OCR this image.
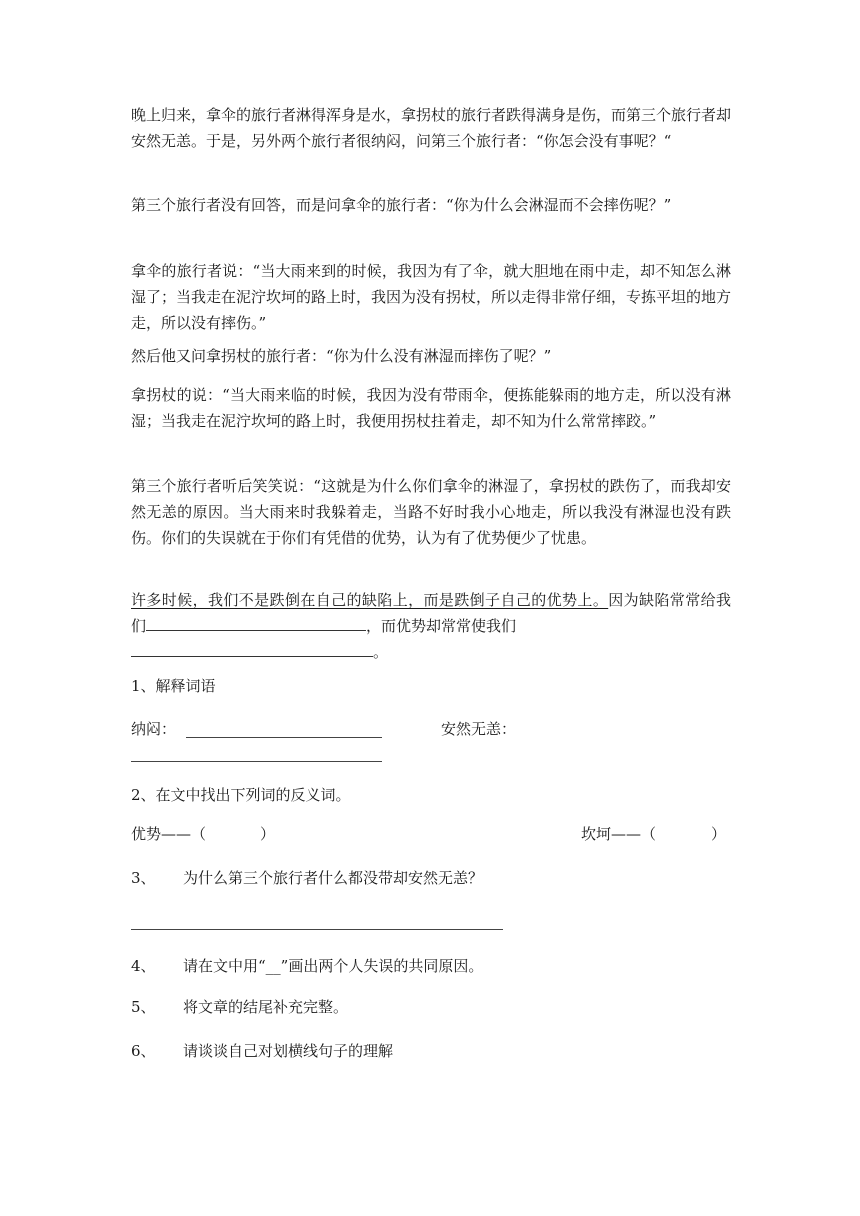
晚上归来，拿伞的旅行者淋得浑身是水，拿拐杖的旅行者跌得满身是伤，而第三个旅行者却安然无恙。于是，另外两个旅行者很纳闷，问第三个旅行者：“你怎会没有事呢？“

第三个旅行者没有回答，而是问拿伞的旅行者：“你为什么会淋湿而不会摔伤呢？”

拿伞的旅行者说：“当大雨来到的时候，我因为有了伞，就大胆地在雨中走，却不知怎么淋湿了；当我走在泥泞坎坷的路上时，我因为没有拐杖，所以走得非常仔细，专拣平坦的地方走，所以没有摔伤。”

然后他又问拿拐杖的旅行者：“你为什么没有淋湿而摔伤了呢？”

拿拐杖的说：“当大雨来临的时候，我因为没有带雨伞，便拣能躲雨的地方走，所以没有淋湿；当我走在泥泞坎坷的路上时，我便用拐杖拄着走，却不知为什么常常摔跤。”

第三个旅行者听后笑笑说：“这就是为什么你们拿伞的淋湿了，拿拐杖的跌伤了，而我却安然无恙的原因。当大雨来时我躲着走，当路不好时我小心地走，所以我没有淋湿也没有跌伤。你们的失误就在于你们有凭借的优势，认为有了优势便少了忧患。

许多时候，我们不是跌倒在自己的缺陷上，而是跌倒子自己的优势上。因为缺陷常常给我们	，而优势却常常使我们
。

1、解释词语
纳闷：	安然无恙：
2、在文中找出下列词的反义词。
优势——（	）	坎坷——（	）
3、 为什么第三个旅行者什么都没带却安然无恙？
4、 请在文中用“__”画出两个人失误的共同原因。
5、 将文章的结尾补充完整。
6、 请谈谈自己对划横线句子的理解
